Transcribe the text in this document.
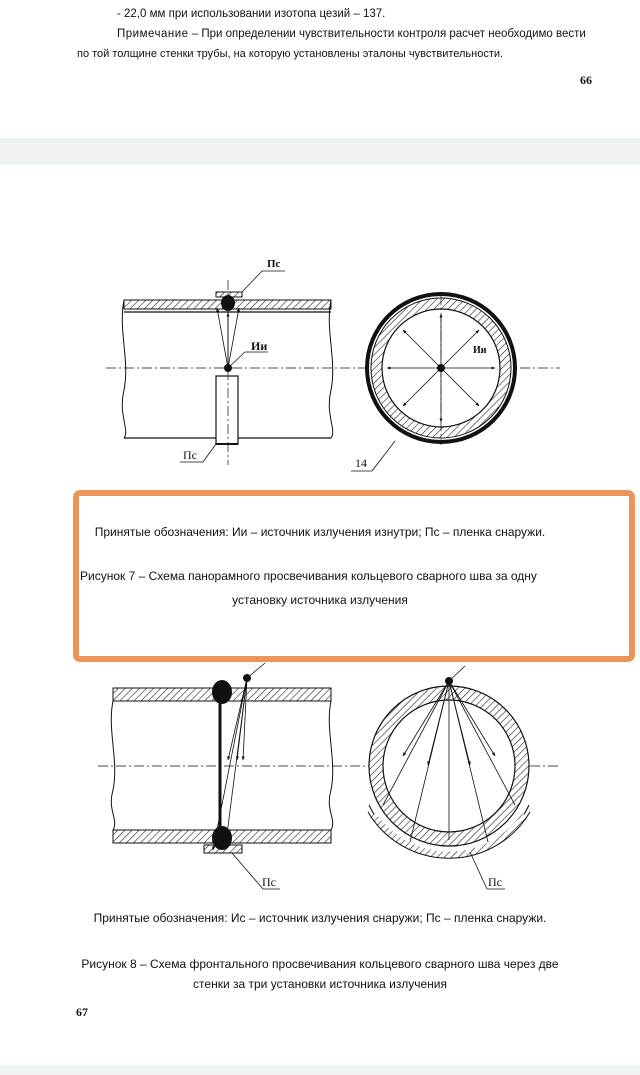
- 22,0 мм при использовании изотопа цезий – 137.
Примечание – При определении чувствительности контроля расчет необходимо вести
по той толщине стенки трубы, на которую установлены эталоны чувствительности.
66
Пс
Ии
Пс
Ии
14
Принятые обозначения: Ии – источник излучения изнутри; Пс – пленка снаружи.
Рисунок 7 – Схема панорамного просвечивания кольцевого сварного шва за одну
установку источника излучения
Пс	Пс
Принятые обозначения: Ис – источник излучения снаружи; Пс – пленка снаружи.
Рисунок 8 – Схема фронтального просвечивания кольцевого сварного шва через две
стенки за три установки источника излучения
67
